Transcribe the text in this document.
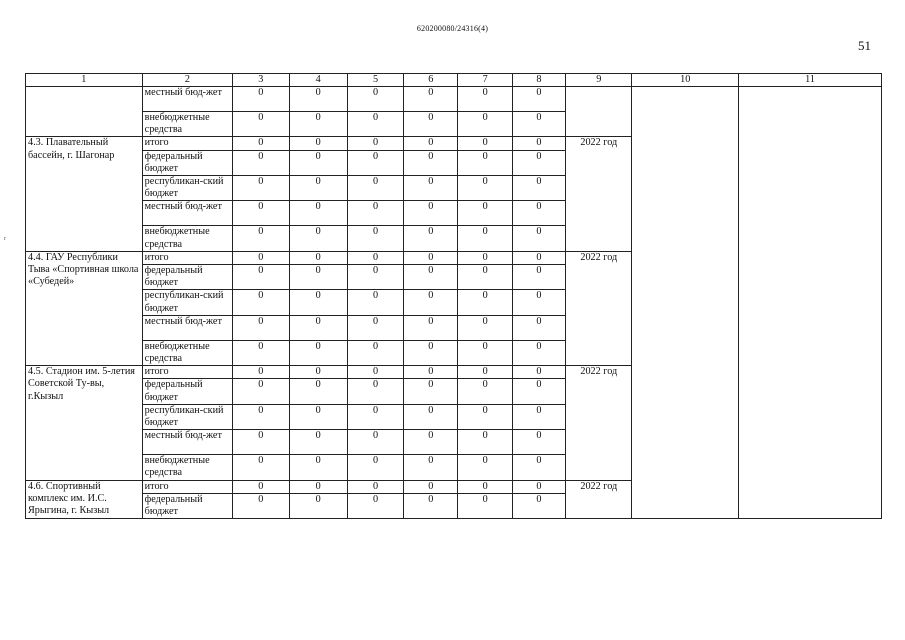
620200080/24316(4)
51
r
1	2	3	4	5	6	7	8	9	10	11
	местный бюд-жет	0	0	0	0	0	0			
	внебюджетные средства	0	0	0	0	0	0			
4.3. Плавательный бассейн, г. Шагонар	итого	0	0	0	0	0	0	2022 год		
	федеральный бюджет	0	0	0	0	0	0			
	республикан-ский бюджет	0	0	0	0	0	0			
	местный бюд-жет	0	0	0	0	0	0			
	внебюджетные средства	0	0	0	0	0	0			
4.4. ГАУ Республики Тыва «Спортивная школа «Субедей»	итого	0	0	0	0	0	0	2022 год		
	федеральный бюджет	0	0	0	0	0	0			
	республикан-ский бюджет	0	0	0	0	0	0			
	местный бюд-жет	0	0	0	0	0	0			
	внебюджетные средства	0	0	0	0	0	0			
4.5. Стадион им. 5-летия Советской Ту-вы, г.Кызыл	итого	0	0	0	0	0	0	2022 год		
	федеральный бюджет	0	0	0	0	0	0			
	республикан-ский бюджет	0	0	0	0	0	0			
	местный бюд-жет	0	0	0	0	0	0			
	внебюджетные средства	0	0	0	0	0	0			
4.6. Спортивный комплекс им. И.С. Ярыгина, г. Кызыл	итого	0	0	0	0	0	0	2022 год		
	федеральный бюджет	0	0	0	0	0	0			
